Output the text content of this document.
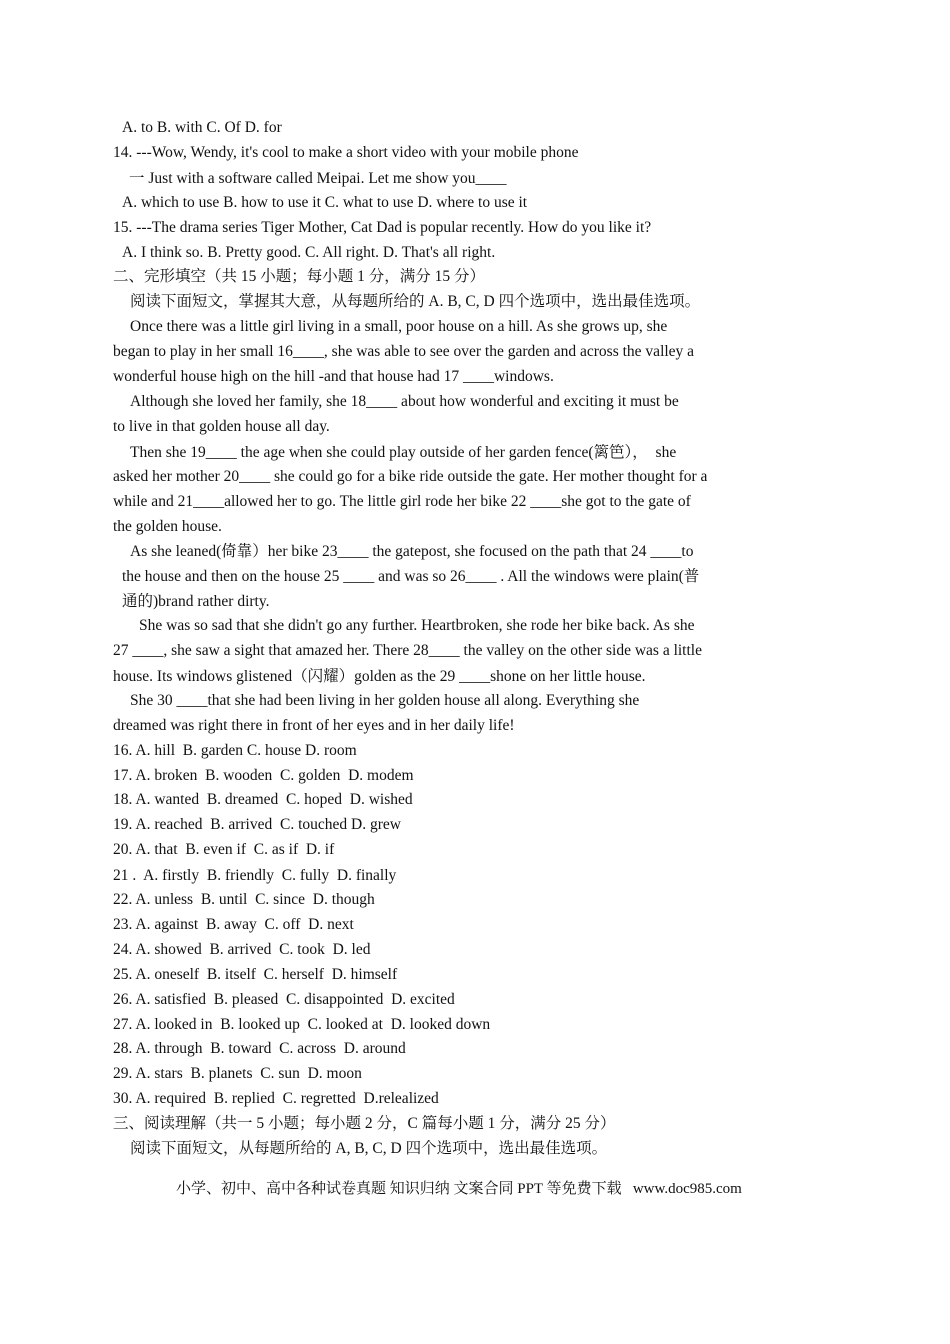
A. to B. with C. Of D. for
14. ---Wow, Wendy, it's cool to make a short video with your mobile phone
一 Just with a software called Meipai. Let me show you____
A. which to use B. how to use it C. what to use D. where to use it
15. ---The drama series Tiger Mother, Cat Dad is popular recently. How do you like it?
A. I think so. B. Pretty good. C. All right. D. That's all right.
二、完形填空（共 15 小题；每小题 1 分，满分 15 分）
阅读下面短文，掌握其大意，从每题所给的 A. B, C, D 四个选项中，选出最佳选项。
Once there was a little girl living in a small, poor house on a hill. As she grows up, she
began to play in her small 16____, she was able to see over the garden and across the valley a
wonderful house high on the hill -and that house had 17 ____windows.
Although she loved her family, she 18____ about how wonderful and exciting it must be
to live in that golden house all day.
Then she 19____ the age when she could play outside of her garden fence(篱笆），  she
asked her mother 20____ she could go for a bike ride outside the gate. Her mother thought for a
while and 21____allowed her to go. The little girl rode her bike 22 ____she got to the gate of
the golden house.
As she leaned(倚靠）her bike 23____ the gatepost, she focused on the path that 24 ____to
the house and then on the house 25 ____ and was so 26____ . All the windows were plain(普
通的)brand rather dirty.
She was so sad that she didn't go any further. Heartbroken, she rode her bike back. As she
27 ____, she saw a sight that amazed her. There 28____ the valley on the other side was a little
house. Its windows glistened（闪耀）golden as the 29 ____shone on her little house.
She 30 ____that she had been living in her golden house all along. Everything she
dreamed was right there in front of her eyes and in her daily life!
16. A. hill  B. garden C. house D. room
17. A. broken  B. wooden  C. golden  D. modem
18. A. wanted  B. dreamed  C. hoped  D. wished
19. A. reached  B. arrived  C. touched D. grew
20. A. that  B. even if  C. as if  D. if
21 .  A. firstly  B. friendly  C. fully  D. finally
22. A. unless  B. until  C. since  D. though
23. A. against  B. away  C. off  D. next
24. A. showed  B. arrived  C. took  D. led
25. A. oneself  B. itself  C. herself  D. himself
26. A. satisfied  B. pleased  C. disappointed  D. excited
27. A. looked in  B. looked up  C. looked at  D. looked down
28. A. through  B. toward  C. across  D. around
29. A. stars  B. planets  C. sun  D. moon
30. A. required  B. replied  C. regretted  D.relealized
三、阅读理解（共一 5 小题；每小题 2 分，C 篇每小题 1 分，满分 25 分）
阅读下面短文，从每题所给的 A, B, C, D 四个选项中，选出最佳选项。
小学、初中、高中各种试卷真题 知识归纳 文案合同 PPT 等免费下载   www.doc985.com
